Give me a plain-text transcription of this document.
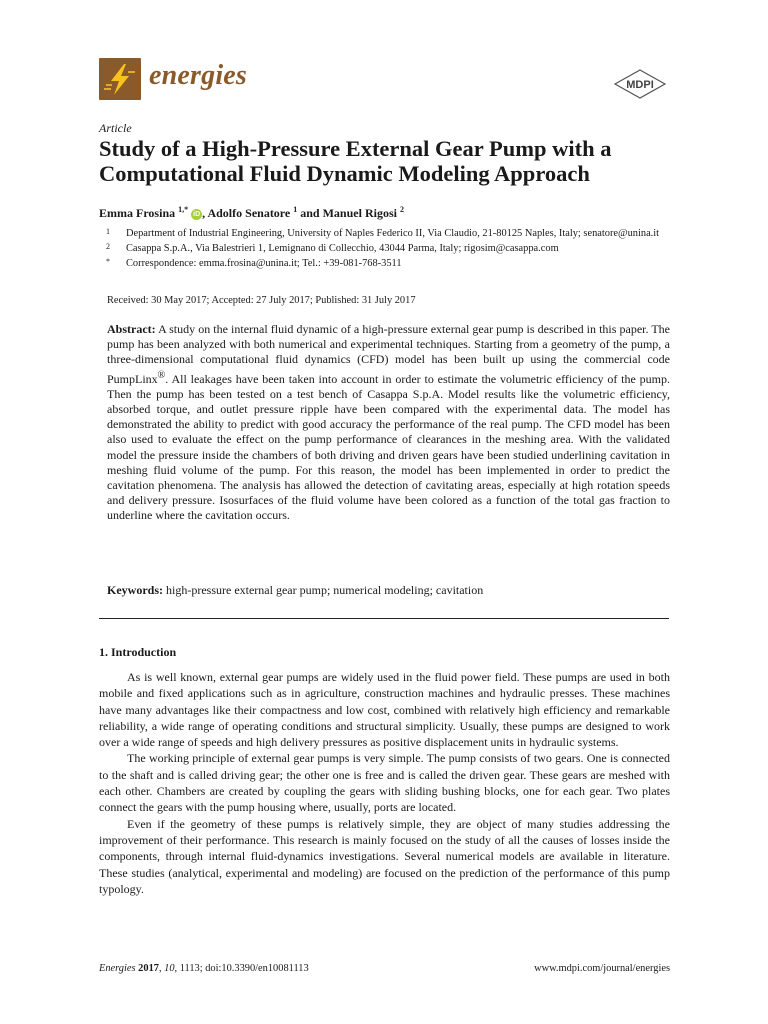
energies	MDPI
Article
Study of a High-Pressure External Gear Pump with a Computational Fluid Dynamic Modeling Approach
Emma Frosina $^{1,*}$ iD , Adolfo Senatore $^1$ and Manuel Rigosi $^2$
1 Department of Industrial Engineering, University of Naples Federico II, Via Claudio, 21-80125 Naples, Italy; senatore@unina.it
2 Casappa S.p.A., Via Balestrieri 1, Lemignano di Collecchio, 43044 Parma, Italy; rigosim@casappa.com
* Correspondence: emma.frosina@unina.it; Tel.: +39-081-768-3511
Received: 30 May 2017; Accepted: 27 July 2017; Published: 31 July 2017

Abstract: A study on the internal fluid dynamic of a high-pressure external gear pump is described in this paper. The pump has been analyzed with both numerical and experimental techniques. Starting from a geometry of the pump, a three-dimensional computational fluid dynamics (CFD) model has been built up using the commercial code PumpLinx®. All leakages have been taken into account in order to estimate the volumetric efficiency of the pump. Then the pump has been tested on a test bench of Casappa S.p.A. Model results like the volumetric efficiency, absorbed torque, and outlet pressure ripple have been compared with the experimental data. The model has demonstrated the ability to predict with good accuracy the performance of the real pump. The CFD model has been also used to evaluate the effect on the pump performance of clearances in the meshing area. With the validated model the pressure inside the chambers of both driving and driven gears have been studied underlining cavitation in meshing fluid volume of the pump. For this reason, the model has been implemented in order to predict the cavitation phenomena. The analysis has allowed the detection of cavitating areas, especially at high rotation speeds and delivery pressure. Isosurfaces of the fluid volume have been colored as a function of the total gas fraction to underline where the cavitation occurs.

Keywords: high-pressure external gear pump; numerical modeling; cavitation
1. Introduction

As is well known, external gear pumps are widely used in the fluid power field. These pumps are used in both mobile and fixed applications such as in agriculture, construction machines and hydraulic presses. These machines have many advantages like their compactness and low cost, combined with relatively high efficiency and remarkable reliability, a wide range of operating conditions and structural simplicity. Usually, these pumps are designed to work over a wide range of speeds and high delivery pressures as positive displacement units in hydraulic systems.

The working principle of external gear pumps is very simple. The pump consists of two gears. One is connected to the shaft and is called driving gear; the other one is free and is called the driven gear. These gears are meshed with each other. Chambers are created by coupling the gears with sliding bushing blocks, one for each gear. Two plates connect the gears with the pump housing where, usually, ports are located.

Even if the geometry of these pumps is relatively simple, they are object of many studies addressing the improvement of their performance. This research is mainly focused on the study of all the causes of losses inside the components, through internal fluid-dynamics investigations. Several numerical models are available in literature. These studies (analytical, experimental and modeling) are focused on the prediction of the performance of this pump typology.

Energies 2017, 10, 1113; doi:10.3390/en10081113	www.mdpi.com/journal/energies
